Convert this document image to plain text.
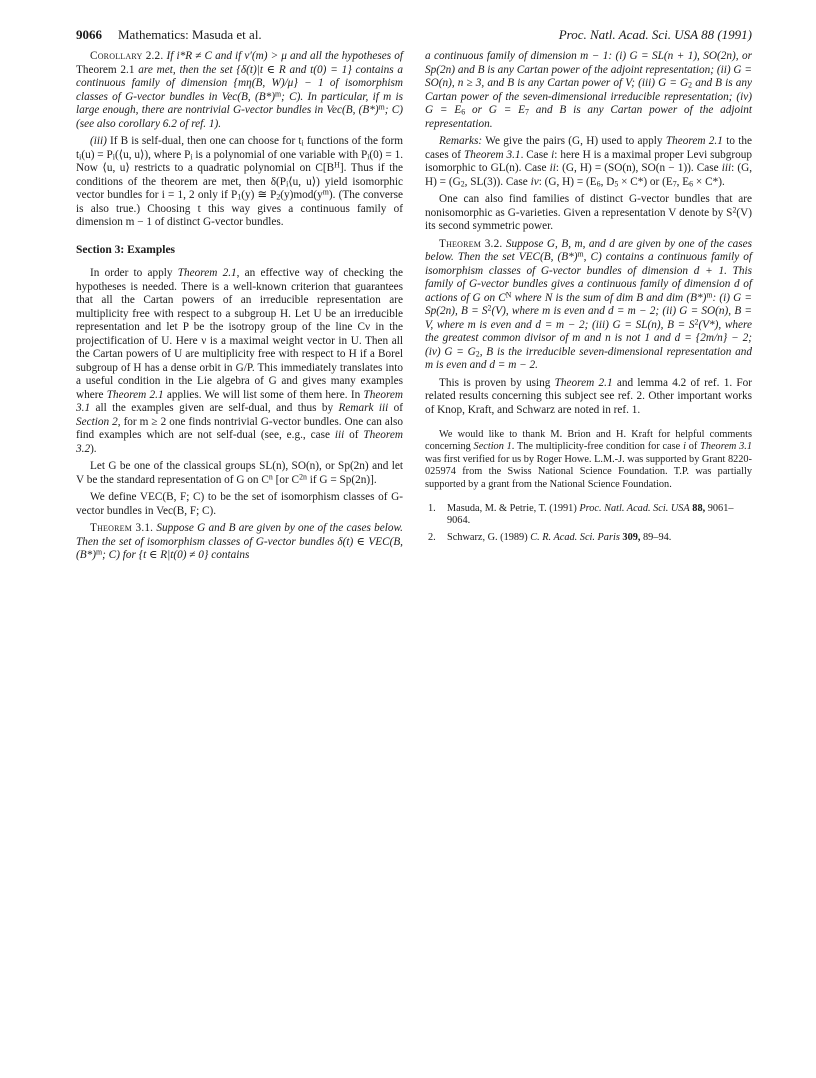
9066 Mathematics: Masuda et al.	Proc. Natl. Acad. Sci. USA 88 (1991)

Corollary 2.2. If i*R ≠ C and if ν′(m) > μ and all the hypotheses of Theorem 2.1 are met, then the set {δ(t)|t ∈ R and t(0) = 1} contains a continuous family of dimension {mη(B, W)/μ} − 1 of isomorphism classes of G-vector bundles in Vec(B, $(B*)^m$; C). In particular, if m is large enough, there are nontrivial G-vector bundles in Vec(B, $(B*)^m$; C) (see also corollary 6.2 of ref. 1).

(iii) If B is self-dual, then one can choose for $t_i$ functions of the form $t_i(u)$ = $P_i(⟨u$, u⟩), where $P_i$ is a polynomial of one variable with $P_i(0) = 1$. Now ⟨u, u⟩ restricts to a quadratic polynomial on $C[B^H]$. Thus if the conditions of the theorem are met, then $\delta(P_i⟨u$, u⟩) yield isomorphic vector bundles for i = 1, 2 only if $P_1(y)$ ≅ $P_2(y)mod(y^m)$. (The converse is also true.) Choosing t this way gives a continuous family of dimension m − 1 of distinct G-vector bundles.

Section 3: Examples

In order to apply Theorem 2.1, an effective way of checking the hypotheses is needed. There is a well-known criterion that guarantees that all the Cartan powers of an irreducible representation are multiplicity free with respect to a subgroup H. Let U be an irreducible representation and let P be the isotropy group of the line Cν in the projectification of U. Here ν is a maximal weight vector in U. Then all the Cartan powers of U are multiplicity free with respect to H if a Borel subgroup of H has a dense orbit in G/P. This immediately translates into a useful condition in the Lie algebra of G and gives many examples where Theorem 2.1 applies. We will list some of them here. In Theorem 3.1 all the examples given are self-dual, and thus by Remark iii of Section 2, for m ≥ 2 one finds nontrivial G-vector bundles. One can also find examples which are not self-dual (see, e.g., case iii of Theorem 3.2).

Let G be one of the classical groups SL(n), SO(n), or Sp(2n) and let V be the standard representation of G on $C^n$ [or $C^{2n}$ if G = Sp(2n)].

We define VEC(B, F; C) to be the set of isomorphism classes of G-vector bundles in Vec(B, F; C).

Theorem 3.1. Suppose G and B are given by one of the cases below. Then the set of isomorphism classes of G-vector bundles δ(t) ∈ VEC(B, $(B*)^m$; C) for {t ∈ R|t(0) ≠ 0} contains

a continuous family of dimension m − 1: (i) G = SL(n + 1), SO(2n), or Sp(2n) and B is any Cartan power of the adjoint representation; (ii) G = SO(n), n ≥ 3, and B is any Cartan power of V; (iii) $G = G_2$ and B is any Cartan power of the seven-dimensional irreducible representation; (iv) $G = E_6$ or $G = E_7$ and B is any Cartan power of the adjoint representation.

Remarks: We give the pairs (G, H) used to apply Theorem 2.1 to the cases of Theorem 3.1. Case i: here H is a maximal proper Levi subgroup isomorphic to GL(n). Case ii: (G, H) = (SO(n), SO(n − 1)). Case iii: (G, $H) = (G_2$, SL(3)). Case iv: (G, $H) = (E_6$, $D_5 \times C*$) or ($E_7$, $E_6 \times C*$).

One can also find families of distinct G-vector bundles that are nonisomorphic as G-varieties. Given a representation V denote by $S^2(V)$ its second symmetric power.

Theorem 3.2. Suppose G, B, m, and d are given by one of the cases below. Then the set VEC(B, $(B*)^m$, C) contains a continuous family of isomorphism classes of G-vector bundles of dimension d + 1. This family of G-vector bundles gives a continuous family of dimension d of actions of G on $C^N$ where N is the sum of dim B and dim $(B*)^m$: (i) G = Sp(2n), $B = S^2(V)$, where m is even and d = m − 2; (ii) G = SO(n), B = V, where m is even and d = m − 2; (iii) G = SL(n), $B = S^2(V*)$, where the greatest common divisor of m and n is not 1 and d = {2m/n} − 2; (iv) $G = G_2$, B is the irreducible seven-dimensional representation and m is even and d = m − 2.

This is proven by using Theorem 2.1 and lemma 4.2 of ref. 1. For related results concerning this subject see ref. 2. Other important works of Knop, Kraft, and Schwarz are noted in ref. 1.

We would like to thank M. Brion and H. Kraft for helpful comments concerning Section 1. The multiplicity-free condition for case i of Theorem 3.1 was first verified for us by Roger Howe. L.M.-J. was supported by Grant 8220-025974 from the Swiss National Science Foundation. T.P. was partially supported by a grant from the National Science Foundation.

1. Masuda, M. & Petrie, T. (1991) Proc. Natl. Acad. Sci. USA 88, 9061–9064.
2. Schwarz, G. (1989) C. R. Acad. Sci. Paris 309, 89–94.
